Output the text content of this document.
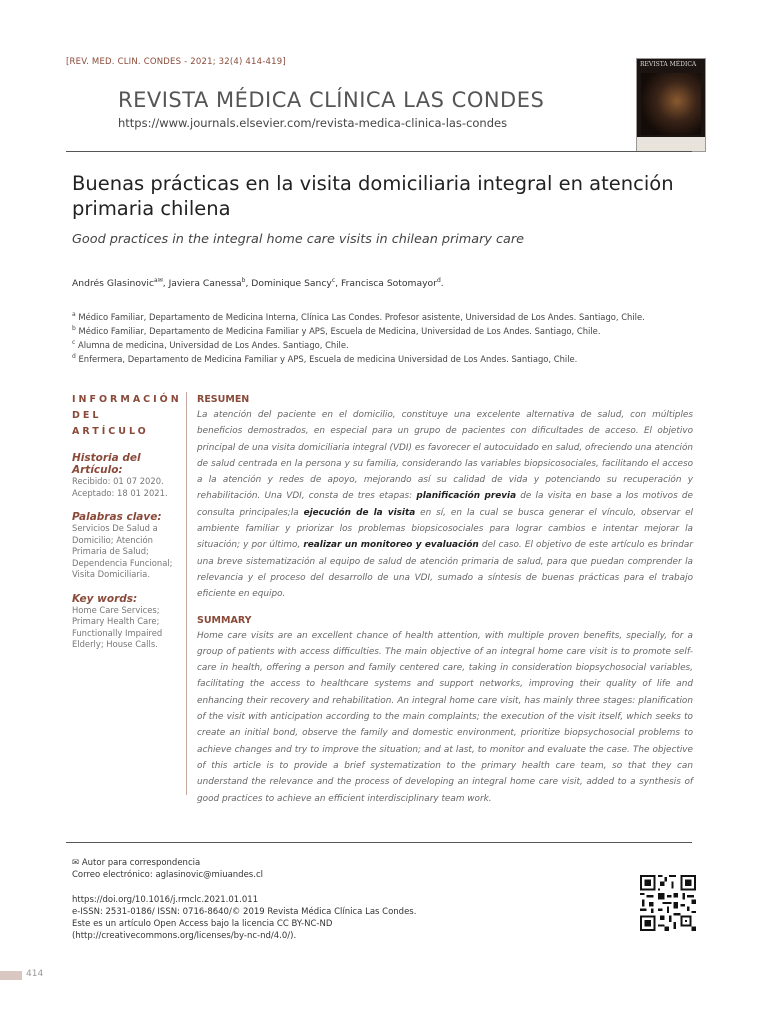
[REV. MED. CLIN. CONDES - 2021; 32(4) 414-419]	REVISTA MÉDICA
REVISTA MÉDICA CLÍNICA LAS CONDES
https://www.journals.elsevier.com/revista-medica-clinica-las-condes
Buenas prácticas en la visita domiciliaria integral en atención primaria chilena
Good practices in the integral home care visits in chilean primary care
Andrés Glasinovic$^{a✉}$, Javiera Canessa$^b$, Dominique Sancy$^c$, Francisca Sotomayor$^d$.
$^a$ Médico Familiar, Departamento de Medicina Interna, Clínica Las Condes. Profesor asistente, Universidad de Los Andes. Santiago, Chile.
$^b$ Médico Familiar, Departamento de Medicina Familiar y APS, Escuela de Medicina, Universidad de Los Andes. Santiago, Chile.
$^c$ Alumna de medicina, Universidad de Los Andes. Santiago, Chile.
$^d$ Enfermera, Departamento de Medicina Familiar y APS, Escuela de medicina Universidad de Los Andes. Santiago, Chile.
INFORMACIÓN
DEL ARTÍCULO
Historia del Artículo:
Recibido: 01 07 2020.
Aceptado: 18 01 2021.
Palabras clave:
Servicios De Salud a Domicilio; Atención Primaria de Salud; Dependencia Funcional; Visita Domiciliaria.
Key words:
Home Care Services; Primary Health Care; Functionally Impaired Elderly; House Calls.
RESUMEN
La atención del paciente en el domicilio, constituye una excelente alternativa de salud, con múltiples beneficios demostrados, en especial para un grupo de pacientes con dificultades de acceso. El objetivo principal de una visita domiciliaria integral (VDI) es favorecer el autocuidado en salud, ofreciendo una atención de salud centrada en la persona y su familia, considerando las variables biopsicosociales, facilitando el acceso a la atención y redes de apoyo, mejorando así su calidad de vida y potenciando su recuperación y rehabilitación. Una VDI, consta de tres etapas: planificación previa de la visita en base a los motivos de consulta principales;la ejecución de la visita en sí, en la cual se busca generar el vínculo, observar el ambiente familiar y priorizar los problemas biopsicosociales para lograr cambios e intentar mejorar la situación; y por último, realizar un monitoreo y evaluación del caso. El objetivo de este artículo es brindar una breve sistematización al equipo de salud de atención primaria de salud, para que puedan comprender la relevancia y el proceso del desarrollo de una VDI, sumado a síntesis de buenas prácticas para el trabajo eficiente en equipo.
SUMMARY
Home care visits are an excellent chance of health attention, with multiple proven benefits, specially, for a group of patients with access difficulties. The main objective of an integral home care visit is to promote self-care in health, offering a person and family centered care, taking in consideration biopsychosocial variables, facilitating the access to healthcare systems and support networks, improving their quality of life and enhancing their recovery and rehabilitation. An integral home care visit, has mainly three stages: planification of the visit with anticipation according to the main complaints; the execution of the visit itself, which seeks to create an initial bond, observe the family and domestic environment, prioritize biopsychosocial problems to achieve changes and try to improve the situation; and at last, to monitor and evaluate the case. The objective of this article is to provide a brief systematization to the primary health care team, so that they can understand the relevance and the process of developing an integral home care visit, added to a synthesis of good practices to achieve an efficient interdisciplinary team work.
✉ Autor para correspondencia
Correo electrónico: aglasinovic@miuandes.cl
https://doi.org/10.1016/j.rmclc.2021.01.011
e-ISSN: 2531-0186/ ISSN: 0716-8640/© 2019 Revista Médica Clínica Las Condes.
Este es un artículo Open Access bajo la licencia CC BY-NC-ND
(http://creativecommons.org/licenses/by-nc-nd/4.0/).
414
